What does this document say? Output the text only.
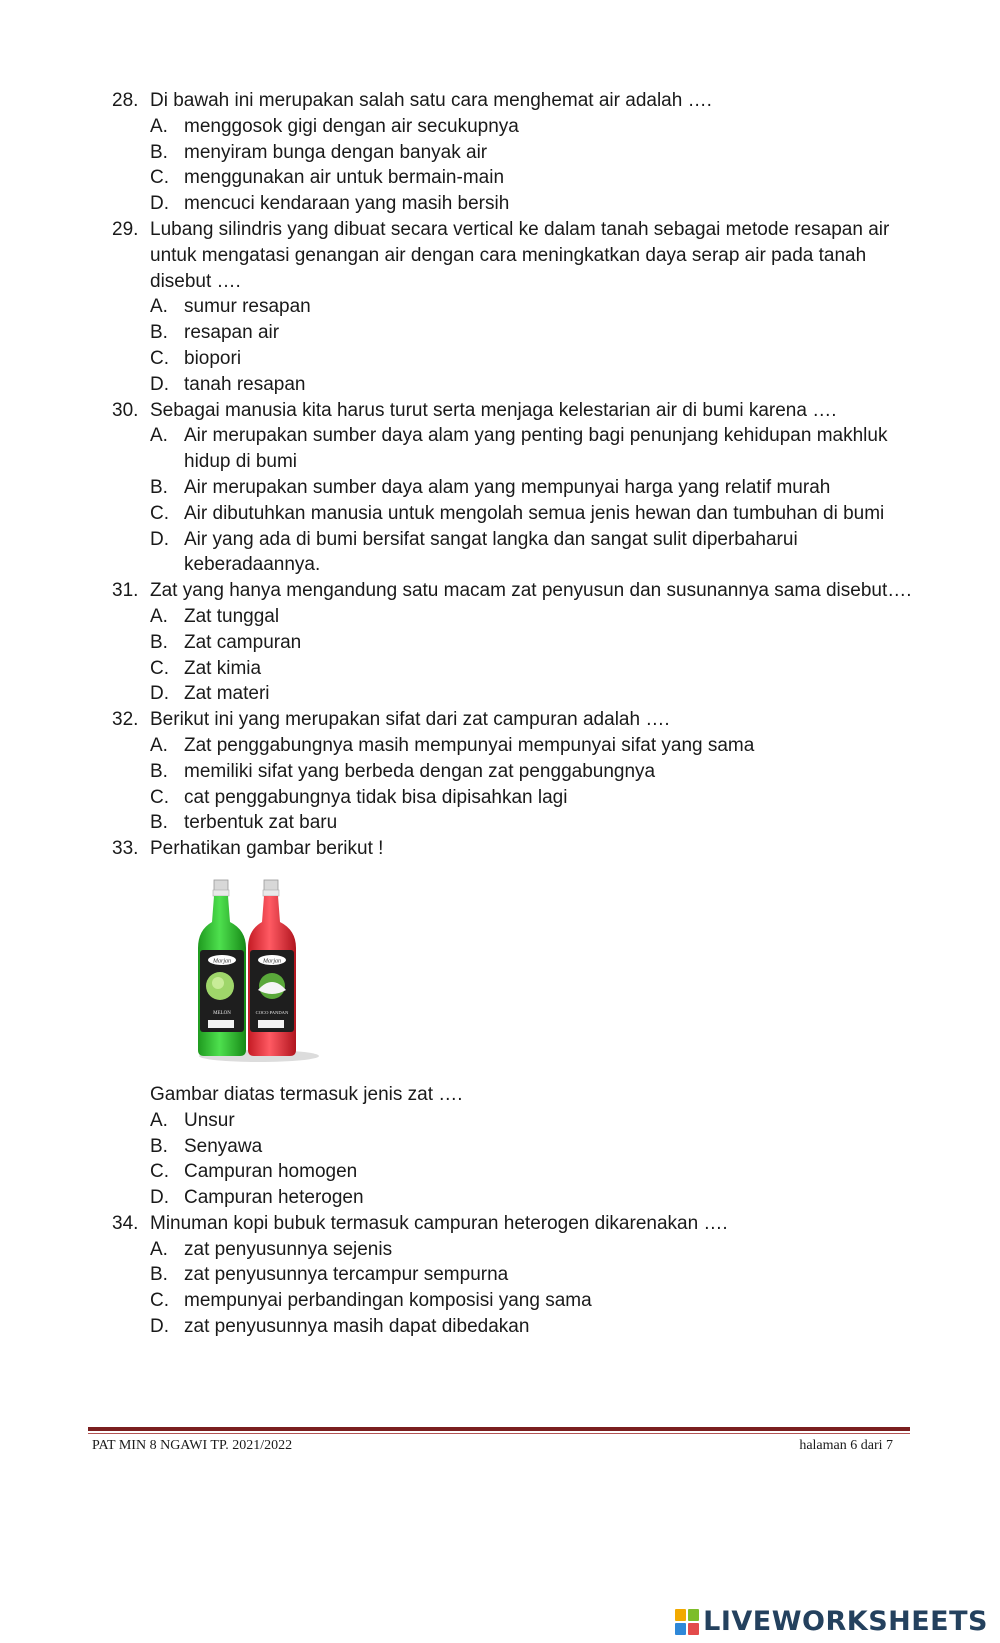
28. Di bawah ini merupakan salah satu cara menghemat air adalah ….
A. menggosok gigi dengan air secukupnya
B. menyiram bunga dengan banyak air
C. menggunakan air untuk bermain-main
D. mencuci kendaraan yang masih bersih
29. Lubang silindris yang dibuat secara vertical ke dalam tanah sebagai metode resapan air untuk mengatasi genangan air dengan cara meningkatkan daya serap air pada tanah disebut ….
A. sumur resapan
B. resapan air
C. biopori
D. tanah resapan
30. Sebagai manusia kita harus turut serta menjaga kelestarian air di bumi karena ….
A. Air merupakan sumber daya alam yang penting bagi penunjang kehidupan makhluk hidup di bumi
B. Air merupakan sumber daya alam yang mempunyai harga yang relatif murah
C. Air dibutuhkan manusia untuk mengolah semua jenis hewan dan tumbuhan di bumi
D. Air yang ada di bumi bersifat sangat langka dan sangat sulit diperbaharui keberadaannya.
31. Zat yang hanya mengandung satu macam zat penyusun dan susunannya sama disebut….
A. Zat tunggal
B. Zat campuran
C. Zat kimia
D. Zat materi
32. Berikut ini yang merupakan sifat dari zat campuran adalah ….
A. Zat penggabungnya masih mempunyai mempunyai sifat yang sama
B. memiliki sifat yang berbeda dengan zat penggabungnya
C. cat penggabungnya tidak bisa dipisahkan lagi
B. terbentuk zat baru
33. Perhatikan gambar berikut !
Marjan
MELON
Marjan
COCO PANDAN
Gambar diatas termasuk jenis zat ….
A. Unsur
B. Senyawa
C. Campuran homogen
D. Campuran heterogen
34. Minuman kopi bubuk termasuk campuran heterogen dikarenakan ….
A. zat penyusunnya sejenis
B. zat penyusunnya tercampur sempurna
C. mempunyai perbandingan komposisi yang sama
D. zat penyusunnya masih dapat dibedakan
PAT MIN 8 NGAWI TP. 2021/2022	halaman 6 dari 7
LIVEWORKSHEETS
